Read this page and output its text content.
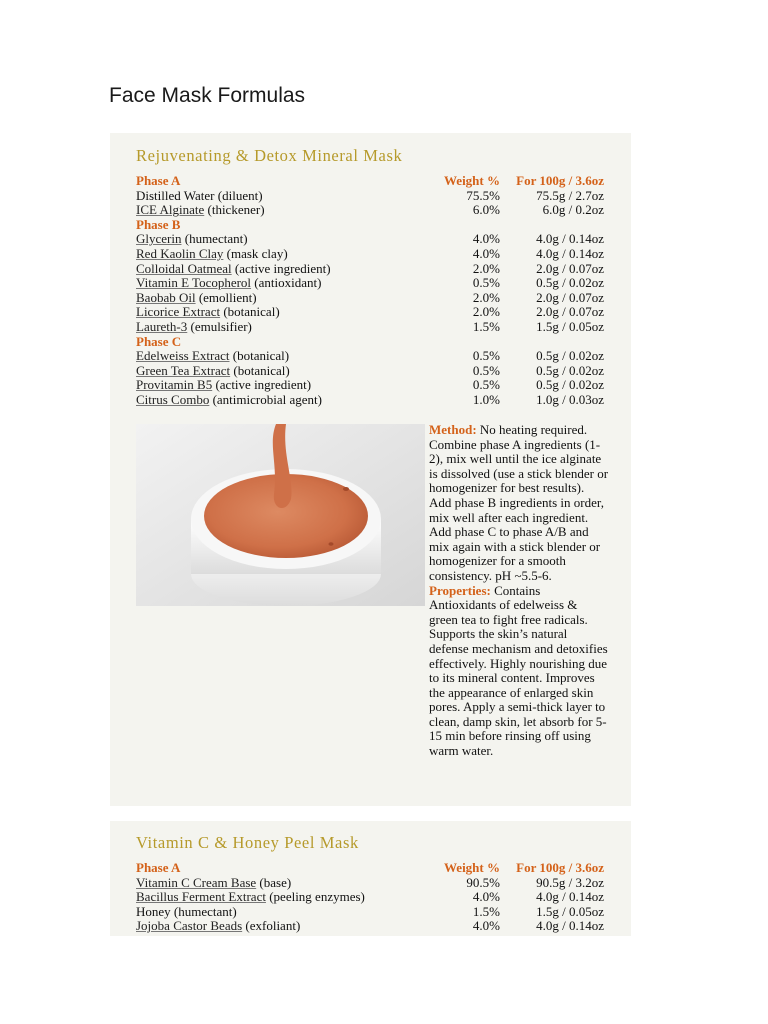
Face Mask Formulas
Rejuvenating & Detox Mineral Mask
Phase A	Weight %	For 100g / 3.6oz
Distilled Water (diluent)	75.5%	75.5g / 2.7oz
ICE Alginate (thickener)	6.0%	6.0g / 0.2oz
Phase B
Glycerin (humectant)	4.0%	4.0g / 0.14oz
Red Kaolin Clay (mask clay)	4.0%	4.0g / 0.14oz
Colloidal Oatmeal (active ingredient)	2.0%	2.0g / 0.07oz
Vitamin E Tocopherol (antioxidant)	0.5%	0.5g / 0.02oz
Baobab Oil (emollient)	2.0%	2.0g / 0.07oz
Licorice Extract (botanical)	2.0%	2.0g / 0.07oz
Laureth-3 (emulsifier)	1.5%	1.5g / 0.05oz
Phase C
Edelweiss Extract (botanical)	0.5%	0.5g / 0.02oz
Green Tea Extract (botanical)	0.5%	0.5g / 0.02oz
Provitamin B5 (active ingredient)	0.5%	0.5g / 0.02oz
Citrus Combo (antimicrobial agent)	1.0%	1.0g / 0.03oz
Method: No heating required. Combine phase A ingredients (1-2), mix well until the ice alginate is dissolved (use a stick blender or homogenizer for best results). Add phase B ingredients in order, mix well after each ingredient. Add phase C to phase A/B and mix again with a stick blender or homogenizer for a smooth consistency. pH ~5.5-6.
Properties: Contains Antioxidants of edelweiss & green tea to fight free radicals. Supports the skin’s natural defense mechanism and detoxifies effectively. Highly nourishing due to its mineral content. Improves the appearance of enlarged skin pores. Apply a semi-thick layer to clean, damp skin, let absorb for 5-15 min before rinsing off using warm water.
Vitamin C & Honey Peel Mask
Phase A	Weight %	For 100g / 3.6oz
Vitamin C Cream Base (base)	90.5%	90.5g / 3.2oz
Bacillus Ferment Extract (peeling enzymes)	4.0%	4.0g / 0.14oz
Honey (humectant)	1.5%	1.5g / 0.05oz
Jojoba Castor Beads (exfoliant)	4.0%	4.0g / 0.14oz
